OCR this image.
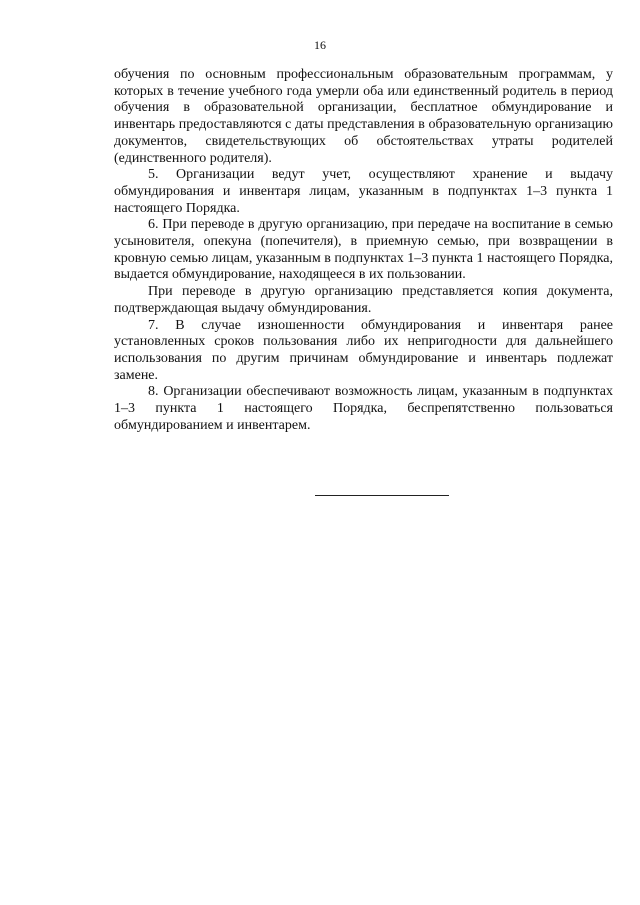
16

обучения по основным профессиональным образовательным программам, у которых в течение учебного года умерли оба или единственный родитель в период обучения в образовательной организации, бесплатное обмундирование и инвентарь предоставляются с даты представления в образовательную организацию документов, свидетельствующих об обстоятельствах утраты родителей (единственного родителя).

5. Организации ведут учет, осуществляют хранение и выдачу обмундирования и инвентаря лицам, указанным в подпунктах 1–3 пункта 1 настоящего Порядка.

6. При переводе в другую организацию, при передаче на воспитание в семью усыновителя, опекуна (попечителя), в приемную семью, при возвращении в кровную семью лицам, указанным в подпунктах 1–3 пункта 1 настоящего Порядка, выдается обмундирование, находящееся в их пользовании.

При переводе в другую организацию представляется копия документа, подтверждающая выдачу обмундирования.

7. В случае изношенности обмундирования и инвентаря ранее установленных сроков пользования либо их непригодности для дальнейшего использования по другим причинам обмундирование и инвентарь подлежат замене.

8. Организации обеспечивают возможность лицам, указанным в подпунктах 1–3 пункта 1 настоящего Порядка, беспрепятственно пользоваться обмундированием и инвентарем.
